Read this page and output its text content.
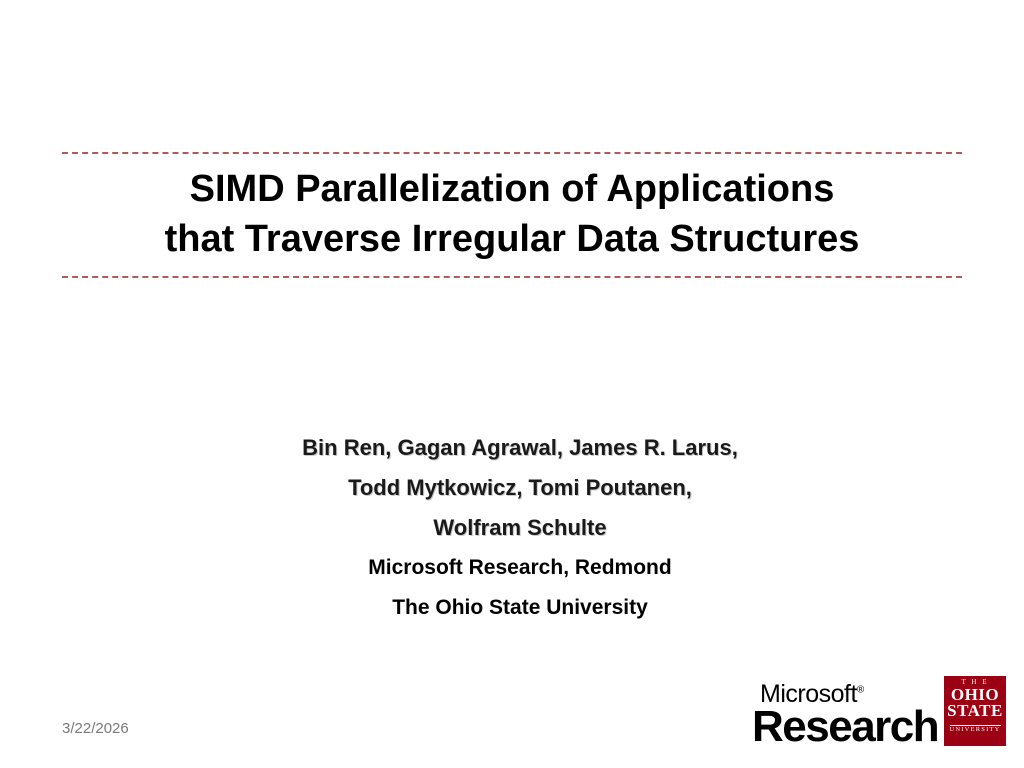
SIMD Parallelization of Applications
that Traverse Irregular Data Structures
Bin Ren, Gagan Agrawal, James R. Larus,
Todd Mytkowicz, Tomi Poutanen,
Wolfram Schulte
Microsoft Research, Redmond
The Ohio State University
3/22/2026
Microsoft®
Research
T H E
OHIO
STATE
UNIVERSITY
